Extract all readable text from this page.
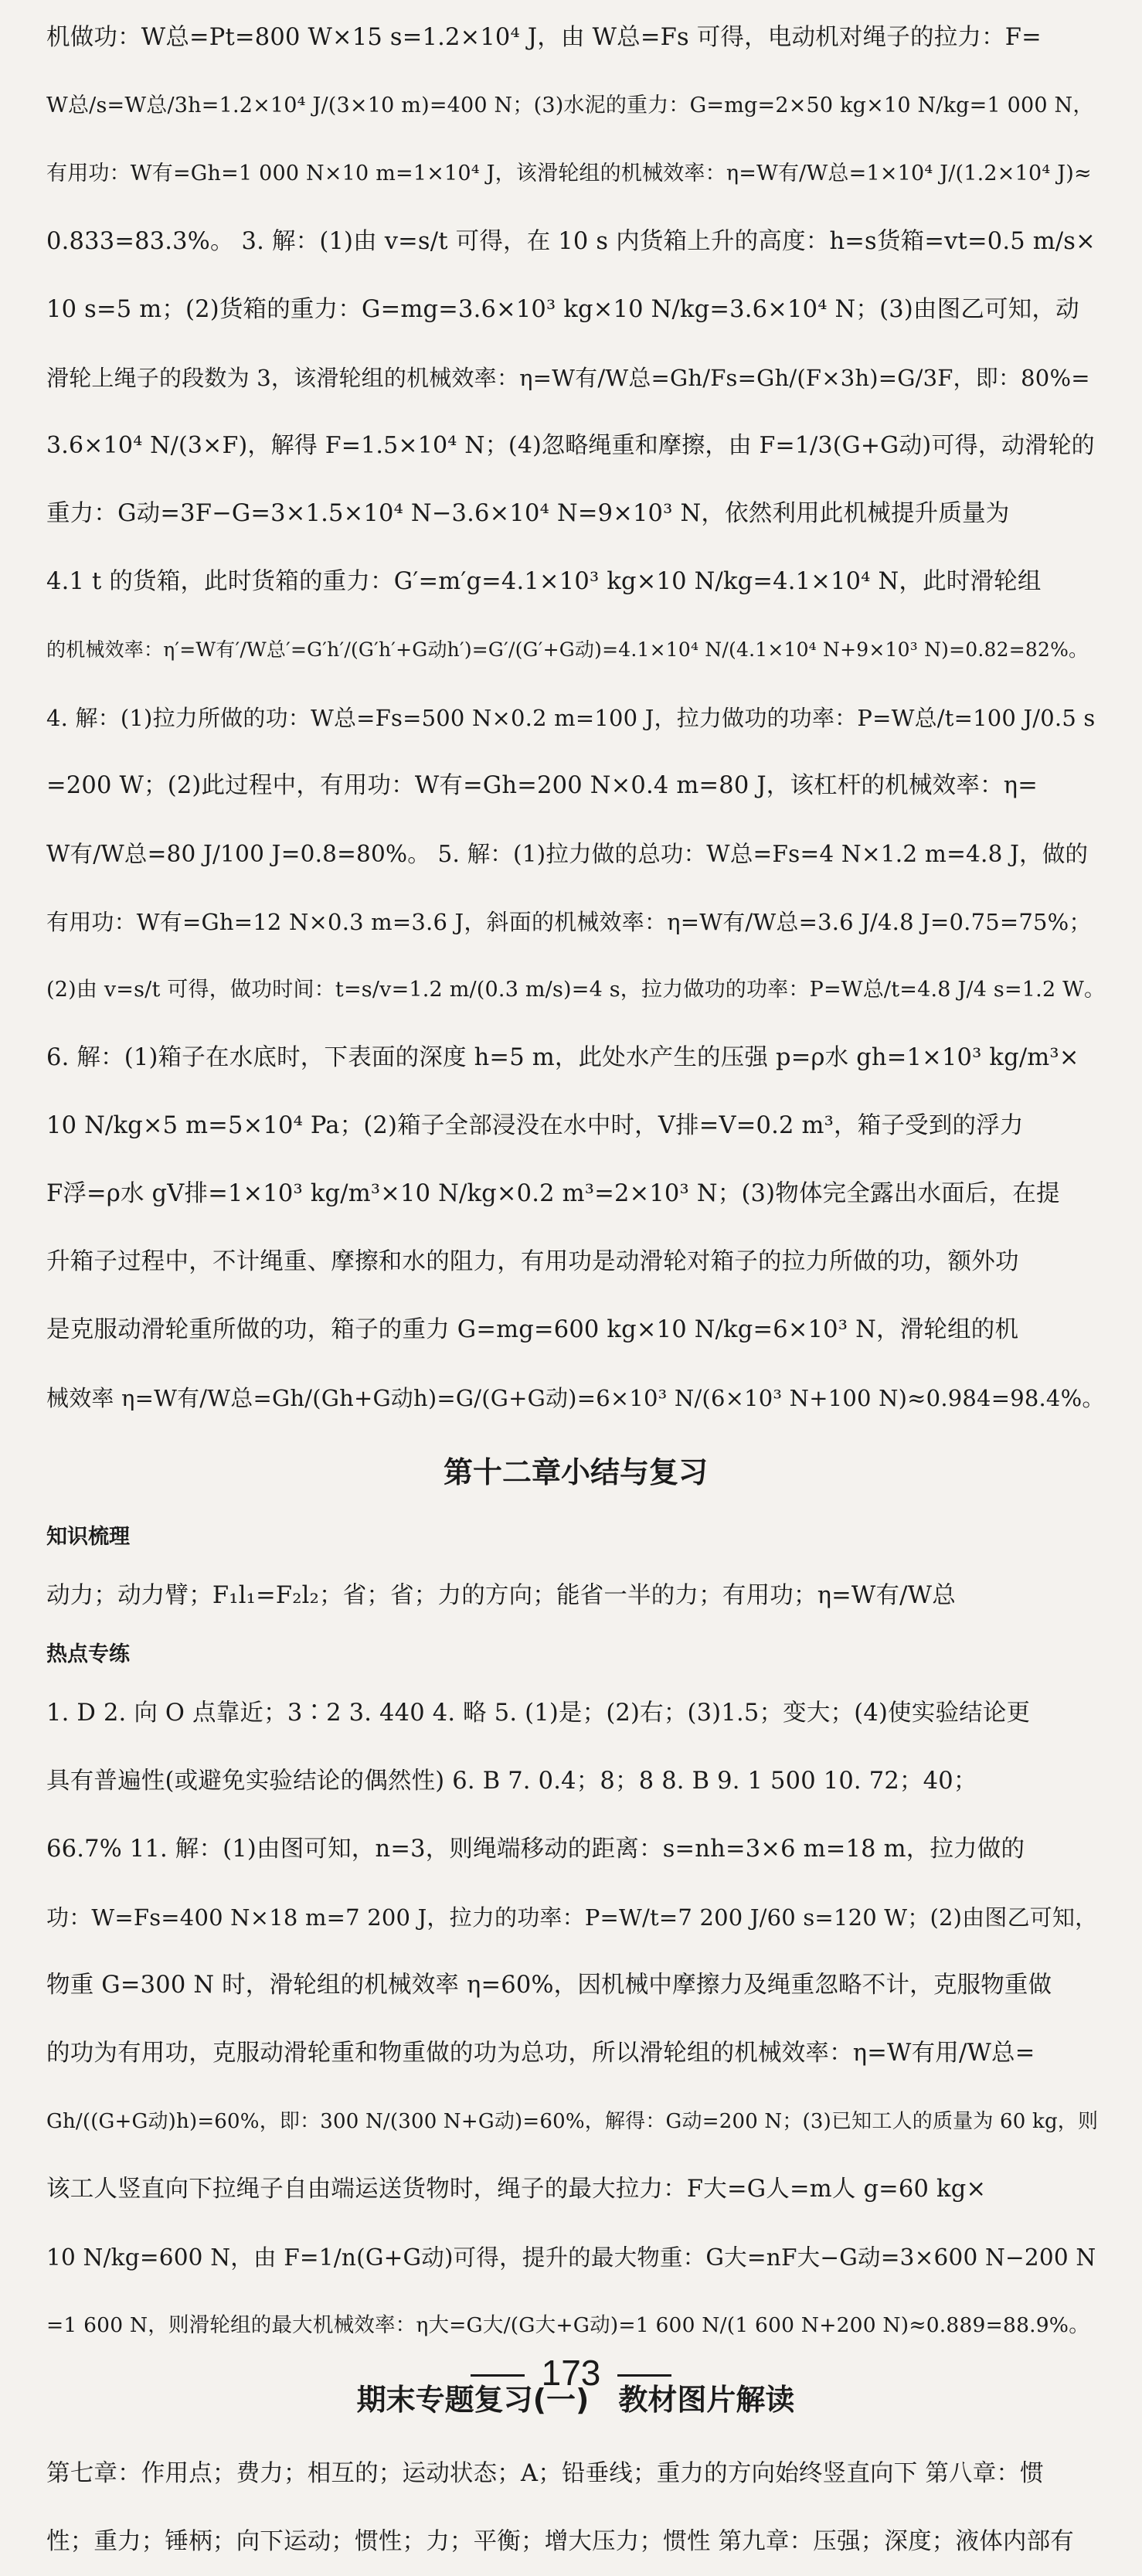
机做功：W总=Pt=800 W×15 s=1.2×10⁴ J，由 W总=Fs 可得，电动机对绳子的拉力：F=
W总/s=W总/3h=1.2×10⁴ J/(3×10 m)=400 N；(3)水泥的重力：G=mg=2×50 kg×10 N/kg=1 000 N，
有用功：W有=Gh=1 000 N×10 m=1×10⁴ J，该滑轮组的机械效率：η=W有/W总=1×10⁴ J/(1.2×10⁴ J)≈
0.833=83.3%。 3. 解：(1)由 v=s/t 可得，在 10 s 内货箱上升的高度：h=s货箱=vt=0.5 m/s×
10 s=5 m；(2)货箱的重力：G=mg=3.6×10³ kg×10 N/kg=3.6×10⁴ N；(3)由图乙可知，动
滑轮上绳子的段数为 3，该滑轮组的机械效率：η=W有/W总=Gh/Fs=Gh/(F×3h)=G/3F，即：80%=
3.6×10⁴ N/(3×F)，解得 F=1.5×10⁴ N；(4)忽略绳重和摩擦，由 F=1/3(G+G动)可得，动滑轮的
重力：G动=3F−G=3×1.5×10⁴ N−3.6×10⁴ N=9×10³ N，依然利用此机械提升质量为
4.1 t 的货箱，此时货箱的重力：G′=m′g=4.1×10³ kg×10 N/kg=4.1×10⁴ N，此时滑轮组
的机械效率：η′=W有′/W总′=G′h′/(G′h′+G动h′)=G′/(G′+G动)=4.1×10⁴ N/(4.1×10⁴ N+9×10³ N)=0.82=82%。
4. 解：(1)拉力所做的功：W总=Fs=500 N×0.2 m=100 J，拉力做功的功率：P=W总/t=100 J/0.5 s
=200 W；(2)此过程中，有用功：W有=Gh=200 N×0.4 m=80 J，该杠杆的机械效率：η=
W有/W总=80 J/100 J=0.8=80%。 5. 解：(1)拉力做的总功：W总=Fs=4 N×1.2 m=4.8 J，做的
有用功：W有=Gh=12 N×0.3 m=3.6 J，斜面的机械效率：η=W有/W总=3.6 J/4.8 J=0.75=75%；
(2)由 v=s/t 可得，做功时间：t=s/v=1.2 m/(0.3 m/s)=4 s，拉力做功的功率：P=W总/t=4.8 J/4 s=1.2 W。
6. 解：(1)箱子在水底时，下表面的深度 h=5 m，此处水产生的压强 p=ρ水 gh=1×10³ kg/m³×
10 N/kg×5 m=5×10⁴ Pa；(2)箱子全部浸没在水中时，V排=V=0.2 m³，箱子受到的浮力
F浮=ρ水 gV排=1×10³ kg/m³×10 N/kg×0.2 m³=2×10³ N；(3)物体完全露出水面后，在提
升箱子过程中，不计绳重、摩擦和水的阻力，有用功是动滑轮对箱子的拉力所做的功，额外功
是克服动滑轮重所做的功，箱子的重力 G=mg=600 kg×10 N/kg=6×10³ N，滑轮组的机
械效率 η=W有/W总=Gh/(Gh+G动h)=G/(G+G动)=6×10³ N/(6×10³ N+100 N)≈0.984=98.4%。
第十二章小结与复习
知识梳理
动力；动力臂；F₁l₁=F₂l₂；省；省；力的方向；能省一半的力；有用功；η=W有/W总
热点专练
1. D 2. 向 O 点靠近；3∶2 3. 440 4. 略 5. (1)是；(2)右；(3)1.5；变大；(4)使实验结论更
具有普遍性(或避免实验结论的偶然性) 6. B 7. 0.4；8；8 8. B 9. 1 500 10. 72；40；
66.7% 11. 解：(1)由图可知，n=3，则绳端移动的距离：s=nh=3×6 m=18 m，拉力做的
功：W=Fs=400 N×18 m=7 200 J，拉力的功率：P=W/t=7 200 J/60 s=120 W；(2)由图乙可知，
物重 G=300 N 时，滑轮组的机械效率 η=60%，因机械中摩擦力及绳重忽略不计，克服物重做
的功为有用功，克服动滑轮重和物重做的功为总功，所以滑轮组的机械效率：η=W有用/W总=
Gh/((G+G动)h)=60%，即：300 N/(300 N+G动)=60%，解得：G动=200 N；(3)已知工人的质量为 60 kg，则
该工人竖直向下拉绳子自由端运送货物时，绳子的最大拉力：F大=G人=m人 g=60 kg×
10 N/kg=600 N，由 F=1/n(G+G动)可得，提升的最大物重：G大=nF大−G动=3×600 N−200 N
=1 600 N，则滑轮组的最大机械效率：η大=G大/(G大+G动)=1 600 N/(1 600 N+200 N)≈0.889=88.9%。
期末专题复习(一)　教材图片解读
第七章：作用点；费力；相互的；运动状态；A；铅垂线；重力的方向始终竖直向下 第八章：惯
性；重力；锤柄；向下运动；惯性；力；平衡；增大压力；惯性 第九章：压强；深度；液体内部有
173
